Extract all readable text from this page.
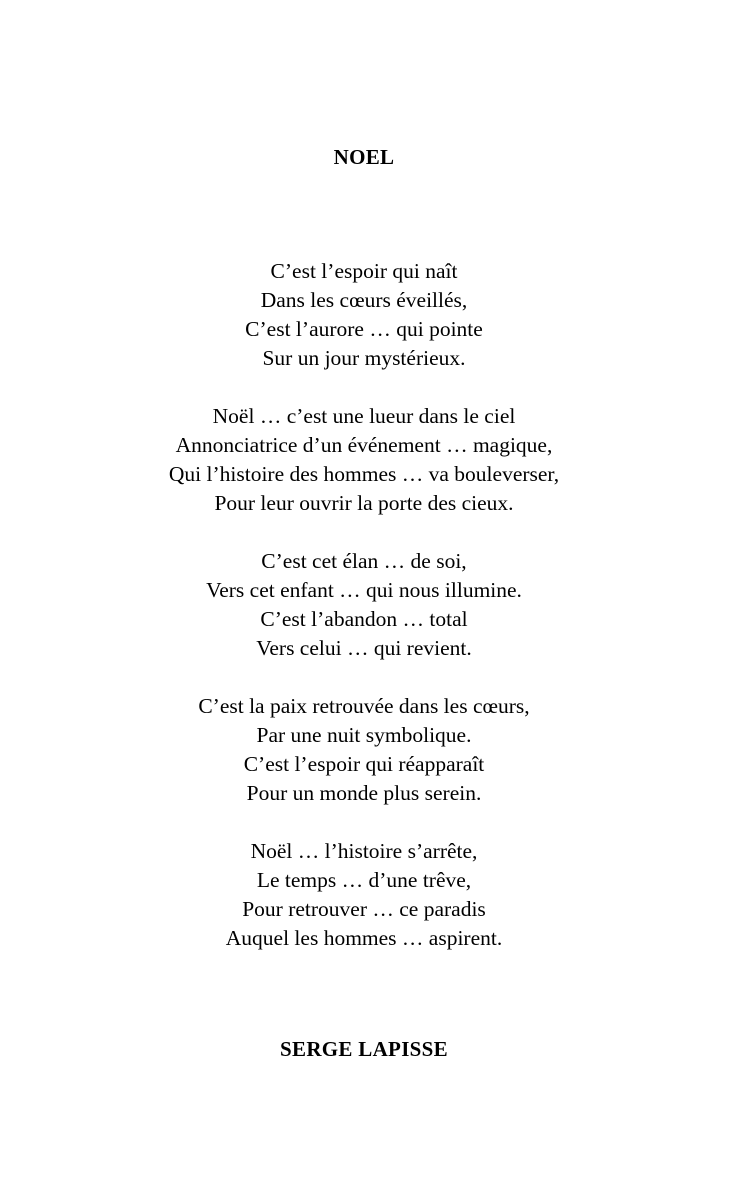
NOEL
C’est l’espoir qui naît
Dans les cœurs éveillés,
C’est l’aurore … qui pointe
Sur un jour mystérieux.
Noël … c’est une lueur dans le ciel
Annonciatrice d’un événement … magique,
Qui l’histoire des hommes … va bouleverser,
Pour leur ouvrir la porte des cieux.
C’est cet élan … de soi,
Vers cet enfant … qui nous illumine.
C’est l’abandon … total
Vers celui … qui revient.
C’est la paix retrouvée dans les cœurs,
Par une nuit symbolique.
C’est l’espoir qui réapparaît
Pour un monde plus serein.
Noël … l’histoire s’arrête,
Le temps … d’une trêve,
Pour retrouver … ce paradis
Auquel les hommes … aspirent.
SERGE LAPISSE
